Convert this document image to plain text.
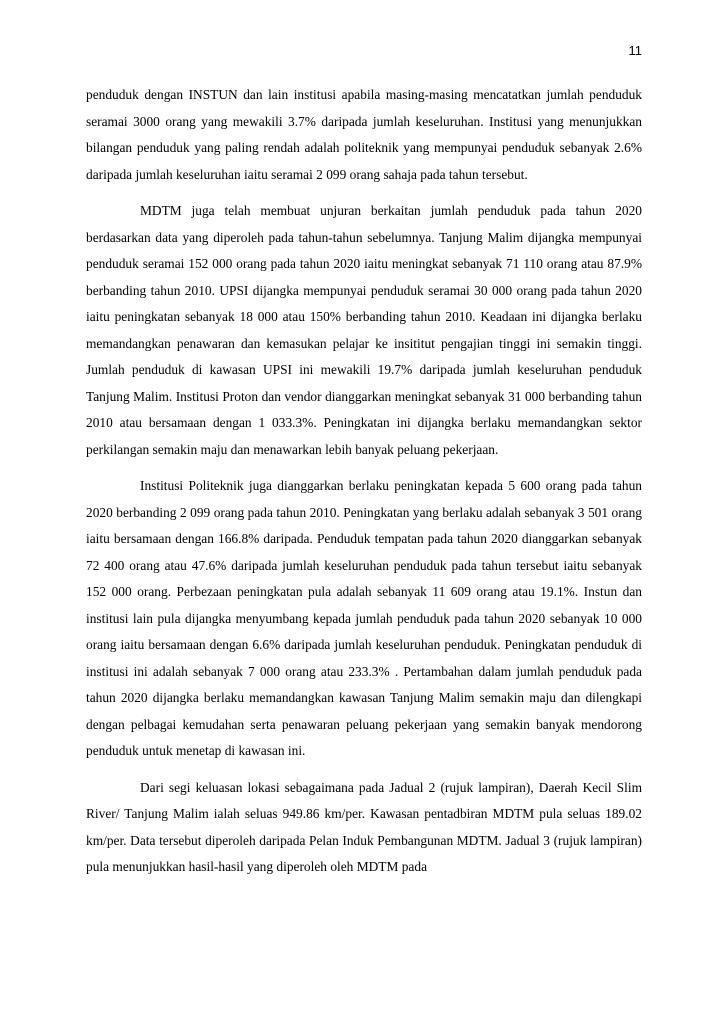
11

penduduk dengan INSTUN dan lain institusi apabila masing-masing mencatatkan jumlah penduduk seramai 3000 orang yang mewakili 3.7% daripada jumlah keseluruhan. Institusi yang menunjukkan bilangan penduduk yang paling rendah adalah politeknik yang mempunyai penduduk sebanyak 2.6% daripada jumlah keseluruhan iaitu seramai 2 099 orang sahaja pada tahun tersebut.

MDTM juga telah membuat unjuran berkaitan jumlah penduduk pada tahun 2020 berdasarkan data yang diperoleh pada tahun-tahun sebelumnya. Tanjung Malim dijangka mempunyai penduduk seramai 152 000 orang pada tahun 2020 iaitu meningkat sebanyak 71 110 orang atau 87.9% berbanding tahun 2010. UPSI dijangka mempunyai penduduk seramai 30 000 orang pada tahun 2020 iaitu peningkatan sebanyak 18 000 atau 150% berbanding tahun 2010. Keadaan ini dijangka berlaku memandangkan penawaran dan kemasukan pelajar ke insititut pengajian tinggi ini semakin tinggi. Jumlah penduduk di kawasan UPSI ini mewakili 19.7% daripada jumlah keseluruhan penduduk Tanjung Malim. Institusi Proton dan vendor dianggarkan meningkat sebanyak 31 000 berbanding tahun 2010 atau bersamaan dengan 1 033.3%. Peningkatan ini dijangka berlaku memandangkan sektor perkilangan semakin maju dan menawarkan lebih banyak peluang pekerjaan.

Institusi Politeknik juga dianggarkan berlaku peningkatan kepada 5 600 orang pada tahun 2020 berbanding 2 099 orang pada tahun 2010. Peningkatan yang berlaku adalah sebanyak 3 501 orang iaitu bersamaan dengan 166.8% daripada. Penduduk tempatan pada tahun 2020 dianggarkan sebanyak 72 400 orang atau 47.6% daripada jumlah keseluruhan penduduk pada tahun tersebut iaitu sebanyak 152 000 orang. Perbezaan peningkatan pula adalah sebanyak 11 609 orang atau 19.1%. Instun dan institusi lain pula dijangka menyumbang kepada jumlah penduduk pada tahun 2020 sebanyak 10 000 orang iaitu bersamaan dengan 6.6% daripada jumlah keseluruhan penduduk. Peningkatan penduduk di institusi ini adalah sebanyak 7 000 orang atau 233.3% . Pertambahan dalam jumlah penduduk pada tahun 2020 dijangka berlaku memandangkan kawasan Tanjung Malim semakin maju dan dilengkapi dengan pelbagai kemudahan serta penawaran peluang pekerjaan yang semakin banyak mendorong penduduk untuk menetap di kawasan ini.

Dari segi keluasan lokasi sebagaimana pada Jadual 2 (rujuk lampiran), Daerah Kecil Slim River/ Tanjung Malim ialah seluas 949.86 km/per. Kawasan pentadbiran MDTM pula seluas 189.02 km/per. Data tersebut diperoleh daripada Pelan Induk Pembangunan MDTM. Jadual 3 (rujuk lampiran) pula menunjukkan hasil-hasil yang diperoleh oleh MDTM pada
